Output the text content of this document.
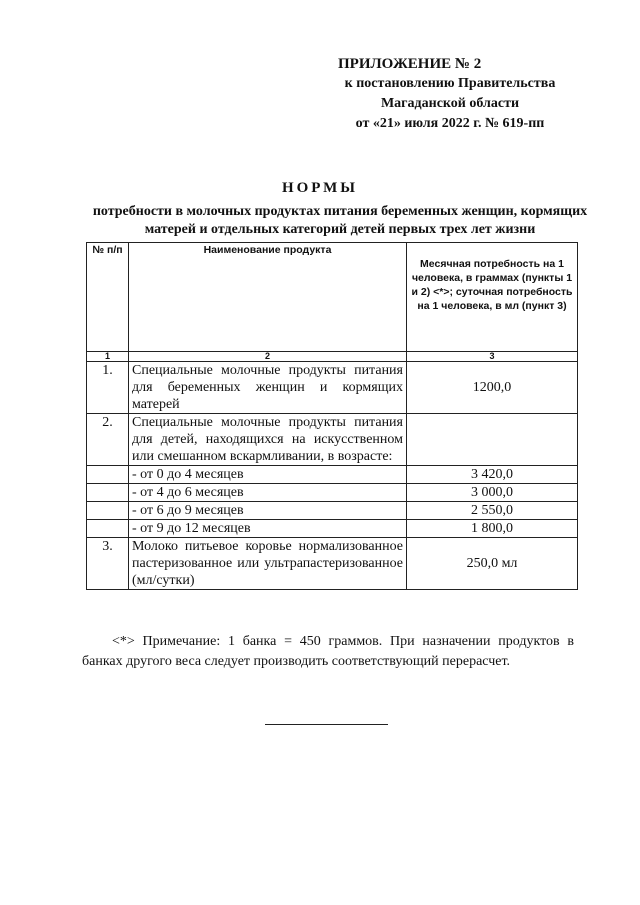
ПРИЛОЖЕНИЕ № 2
к постановлению Правительства
Магаданской области
от «21» июля 2022 г. № 619-пп
НОРМЫ
потребности в молочных продуктах питания беременных женщин, кормящих матерей и отдельных категорий детей первых трех лет жизни
№ п/п	Наименование продукта	Месячная потребность на 1 человека, в граммах (пункты 1 и 2) <*>; суточная потребность на 1 человека, в мл (пункт 3)
1	2	3
1.	Специальные молочные продукты питания для беременных женщин и кормящих матерей	1200,0
2.	Специальные молочные продукты питания для детей, находящихся на искусственном или смешанном вскармливании, в возрасте:	
	- от 0 до 4 месяцев	3 420,0
	- от 4 до 6 месяцев	3 000,0
	- от 6 до 9 месяцев	2 550,0
	- от 9 до 12 месяцев	1 800,0
3.	Молоко питьевое коровье нормализованное пастеризованное или ультрапастеризованное (мл/сутки)	250,0 мл
<*> Примечание: 1 банка = 450 граммов. При назначении продуктов в банках другого веса следует производить соответствующий перерасчет.
